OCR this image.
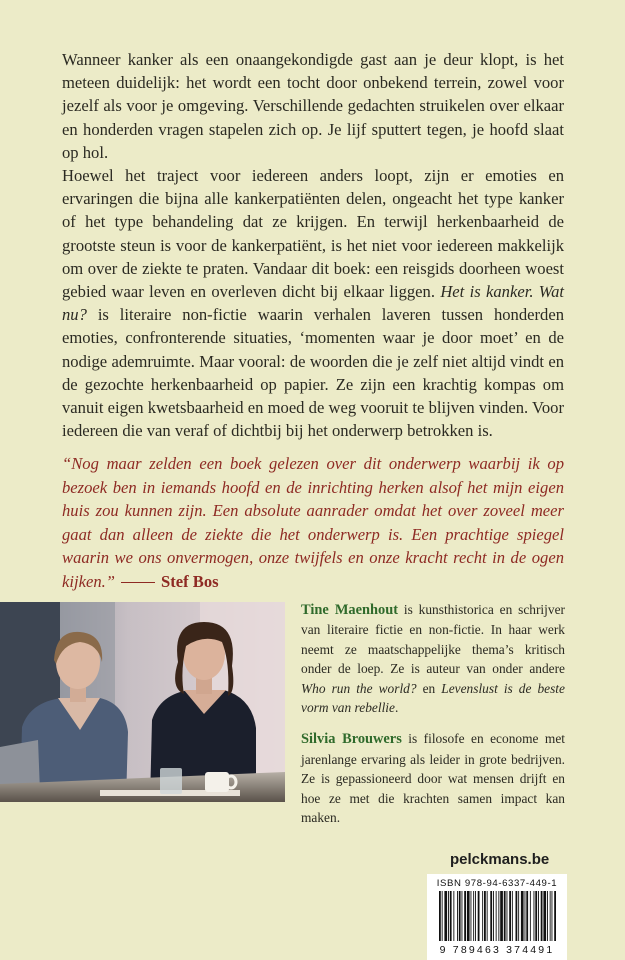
Wanneer kanker als een onaangekondigde gast aan je deur klopt, is het meteen duidelijk: het wordt een tocht door onbekend terrein, zowel voor jezelf als voor je omgeving. Verschillende gedachten struikelen over elkaar en honderden vragen stapelen zich op. Je lijf sputtert tegen, je hoofd slaat op hol.

Hoewel het traject voor iedereen anders loopt, zijn er emoties en ervaringen die bijna alle kankerpatiënten delen, ongeacht het type kanker of het type behandeling dat ze krijgen. En terwijl herkenbaarheid de grootste steun is voor de kankerpatiënt, is het niet voor iedereen makkelijk om over de ziekte te praten. Vandaar dit boek: een reisgids doorheen woest gebied waar leven en overleven dicht bij elkaar liggen. Het is kanker. Wat nu? is literaire non-fictie waarin verhalen laveren tussen honderden emoties, confronterende situaties, ‘momenten waar je door moet’ en de nodige ademruimte. Maar vooral: de woorden die je zelf niet altijd vindt en de gezochte herkenbaarheid op papier. Ze zijn een krachtig kompas om vanuit eigen kwetsbaarheid en moed de weg vooruit te blijven vinden. Voor iedereen die van veraf of dichtbij bij het onderwerp betrokken is.

“Nog maar zelden een boek gelezen over dit onderwerp waarbij ik op bezoek ben in iemands hoofd en de inrichting herken alsof het mijn eigen huis zou kunnen zijn. Een absolute aanrader omdat het over zoveel meer gaat dan alleen de ziekte die het onderwerp is. Een prachtige spiegel waarin we ons onvermogen, onze twijfels en onze kracht recht in de ogen kijken.”	Stef Bos

Tine Maenhout is kunsthistorica en schrijver van literaire fictie en non-fictie. In haar werk neemt ze maatschappelijke thema’s kritisch onder de loep. Ze is auteur van onder andere Who run the world? en Levenslust is de beste vorm van rebellie.

Silvia Brouwers is filosofe en econome met jarenlange ervaring als leider in grote bedrijven. Ze is gepassioneerd door wat mensen drijft en hoe ze met die krachten samen impact kan maken.

pelckmans.be
ISBN 978-94-6337-449-1
9 789463 374491
